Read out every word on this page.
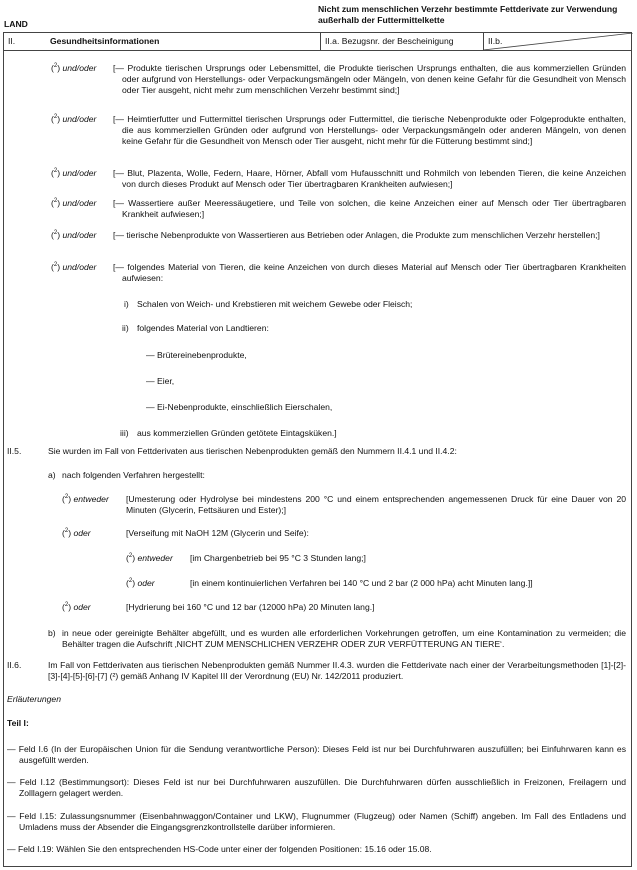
LAND
Nicht zum menschlichen Verzehr bestimmte Fettderivate zur Verwendung außerhalb der Futtermittelkette
II.	Gesundheitsinformationen	II.a. Bezugsnr. der Bescheinigung	II.b.
($^2$) und/oder [— Produkte tierischen Ursprungs oder Lebensmittel, die Produkte tierischen Ursprungs enthalten, die aus kommerziellen Gründen oder aufgrund von Herstellungs- oder Verpackungsmängeln oder Mängeln, von denen keine Gefahr für die Gesundheit von Mensch oder Tier ausgeht, nicht mehr zum menschlichen Verzehr bestimmt sind;]
($^2$) und/oder [— Heimtierfutter und Futtermittel tierischen Ursprungs oder Futtermittel, die tierische Nebenprodukte oder Folgeprodukte enthalten, die aus kommerziellen Gründen oder aufgrund von Herstellungs- oder Verpackungsmängeln oder anderen Mängeln, von denen keine Gefahr für die Gesundheit von Mensch oder Tier ausgeht, nicht mehr für die Fütterung bestimmt sind;]
($^2$) und/oder [— Blut, Plazenta, Wolle, Federn, Haare, Hörner, Abfall vom Hufausschnitt und Rohmilch von lebenden Tieren, die keine Anzeichen von durch dieses Produkt auf Mensch oder Tier übertragbaren Krankheiten aufwiesen;]
($^2$) und/oder [— Wassertiere außer Meeressäugetiere, und Teile von solchen, die keine Anzeichen einer auf Mensch oder Tier übertragbaren Krankheit aufwiesen;]
($^2$) und/oder [— tierische Nebenprodukte von Wassertieren aus Betrieben oder Anlagen, die Produkte zum menschlichen Verzehr herstellen;]
($^2$) und/oder [— folgendes Material von Tieren, die keine Anzeichen von durch dieses Material auf Mensch oder Tier übertragbaren Krankheiten aufwiesen:
i) Schalen von Weich- und Krebstieren mit weichem Gewebe oder Fleisch;
ii) folgendes Material von Landtieren:
— Brütereinebenprodukte,
— Eier,
— Ei-Nebenprodukte, einschließlich Eierschalen,
iii) aus kommerziellen Gründen getötete Eintagsküken.]
II.5.	Sie wurden im Fall von Fettderivaten aus tierischen Nebenprodukten gemäß den Nummern II.4.1 und II.4.2:
a) nach folgenden Verfahren hergestellt:
($^2$) entweder [Umesterung oder Hydrolyse bei mindestens 200 °C und einem entsprechenden angemessenen Druck für eine Dauer von 20 Minuten (Glycerin, Fettsäuren und Ester);]
($^2$) oder	[Verseifung mit NaOH 12M (Glycerin und Seife):
($^2$) entweder [im Chargenbetrieb bei 95 °C 3 Stunden lang;]
($^2$) oder	[in einem kontinuierlichen Verfahren bei 140 °C und 2 bar (2 000 hPa) acht Minuten lang.]]
($^2$) oder	[Hydrierung bei 160 °C und 12 bar (12000 hPa) 20 Minuten lang.]
b) in neue oder gereinigte Behälter abgefüllt, und es wurden alle erforderlichen Vorkehrungen getroffen, um eine Kontamination zu vermeiden; die Behälter tragen die Aufschrift ‚NICHT ZUM MENSCHLICHEN VERZEHR ODER ZUR VERFÜTTERUNG AN TIERE‘.
II.6.	Im Fall von Fettderivaten aus tierischen Nebenprodukten gemäß Nummer II.4.3. wurden die Fettderivate nach einer der Verarbeitungsmethoden [1]-[2]-[3]-[4]-[5]-[6]-[7] (²) gemäß Anhang IV Kapitel III der Verordnung (EU) Nr. 142/2011 produziert.
Erläuterungen
Teil I:
— Feld I.6 (In der Europäischen Union für die Sendung verantwortliche Person): Dieses Feld ist nur bei Durchfuhrwaren auszufüllen; bei Einfuhrwaren kann es ausgefüllt werden.
— Feld I.12 (Bestimmungsort): Dieses Feld ist nur bei Durchfuhrwaren auszufüllen. Die Durchfuhrwaren dürfen ausschließlich in Freizonen, Freilagern und Zolllagern gelagert werden.
— Feld I.15: Zulassungsnummer (Eisenbahnwaggon/Container und LKW), Flugnummer (Flugzeug) oder Namen (Schiff) angeben. Im Fall des Entladens und Umladens muss der Absender die Eingangsgrenzkontrollstelle darüber informieren.
— Feld I.19: Wählen Sie den entsprechenden HS-Code unter einer der folgenden Positionen: 15.16 oder 15.08.
